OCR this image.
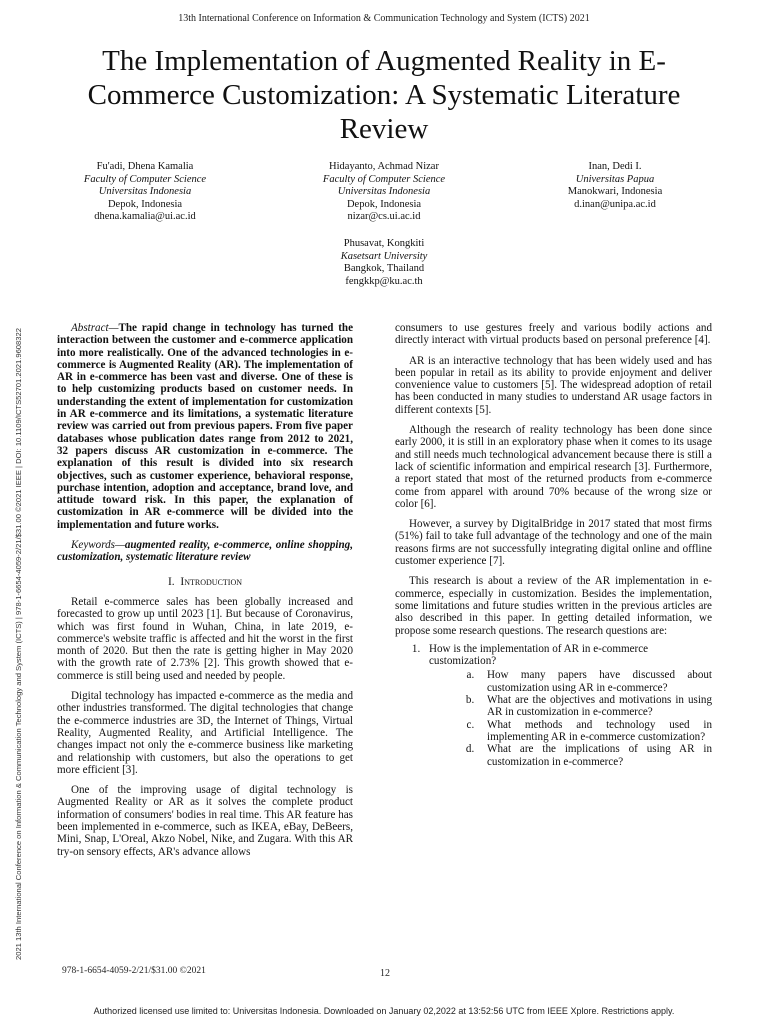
13th International Conference on Information & Communication Technology and System (ICTS) 2021
The Implementation of Augmented Reality in E-Commerce Customization: A Systematic Literature Review
2021 13th International Conference on Information & Communication Technology and System (ICTS) | 978-1-6654-4059-2/21/$31.00 ©2021 IEEE | DOI: 10.1109/ICTS52701.2021.9608322
Fu'adi, Dhena Kamalia
Faculty of Computer Science
Universitas Indonesia
Depok, Indonesia
dhena.kamalia@ui.ac.id
Hidayanto, Achmad Nizar
Faculty of Computer Science
Universitas Indonesia
Depok, Indonesia
nizar@cs.ui.ac.id
Inan, Dedi I.
Universitas Papua
Manokwari, Indonesia
d.inan@unipa.ac.id
Phusavat, Kongkiti
Kasetsart University
Bangkok, Thailand
fengkkp@ku.ac.th

Abstract—The rapid change in technology has turned the interaction between the customer and e-commerce application into more realistically. One of the advanced technologies in e-commerce is Augmented Reality (AR). The implementation of AR in e-commerce has been vast and diverse. One of these is to help customizing products based on customer needs. In understanding the extent of implementation for customization in AR e-commerce and its limitations, a systematic literature review was carried out from previous papers. From five paper databases whose publication dates range from 2012 to 2021, 32 papers discuss AR customization in e-commerce. The explanation of this result is divided into six research objectives, such as customer experience, behavioral response, purchase intention, adoption and acceptance, brand love, and attitude toward risk. In this paper, the explanation of customization in AR e-commerce will be divided into the implementation and future works.

Keywords—augmented reality, e-commerce, online shopping, customization, systematic literature review

I. Introduction

Retail e-commerce sales has been globally increased and forecasted to grow up until 2023 [1]. But because of Coronavirus, which was first found in Wuhan, China, in late 2019, e-commerce's website traffic is affected and hit the worst in the first month of 2020. But then the rate is getting higher in May 2020 with the growth rate of 2.73% [2]. This growth showed that e-commerce is still being used and needed by people.

Digital technology has impacted e-commerce as the media and other industries transformed. The digital technologies that change the e-commerce industries are 3D, the Internet of Things, Virtual Reality, Augmented Reality, and Artificial Intelligence. The changes impact not only the e-commerce business like marketing and relationship with customers, but also the operations to get more efficient [3].

One of the improving usage of digital technology is Augmented Reality or AR as it solves the complete product information of consumers' bodies in real time. This AR feature has been implemented in e-commerce, such as IKEA, eBay, DeBeers, Mini, Snap, L'Oreal, Akzo Nobel, Nike, and Zugara. With this AR try-on sensory effects, AR's advance allows

consumers to use gestures freely and various bodily actions and directly interact with virtual products based on personal preference [4].

AR is an interactive technology that has been widely used and has been popular in retail as its ability to provide enjoyment and deliver convenience value to customers [5]. The widespread adoption of retail has been conducted in many studies to understand AR usage factors in different contexts [5].

Although the research of reality technology has been done since early 2000, it is still in an exploratory phase when it comes to its usage and still needs much technological advancement because there is still a lack of scientific information and empirical research [3]. Furthermore, a report stated that most of the returned products from e-commerce come from apparel with around 70% because of the wrong size or color [6].

However, a survey by DigitalBridge in 2017 stated that most firms (51%) fail to take full advantage of the technology and one of the main reasons firms are not successfully integrating digital online and offline customer experience [7].

This research is about a review of the AR implementation in e-commerce, especially in customization. Besides the implementation, some limitations and future studies written in the previous articles are also described in this paper. In getting detailed information, we propose some research questions. The research questions are:

1. How is the implementation of AR in e-commerce customization?
a. How many papers have discussed about customization using AR in e-commerce?
b. What are the objectives and motivations in using AR in customization in e-commerce?
c. What methods and technology used in implementing AR in e-commerce customization?
d. What are the implications of using AR in customization in e-commerce?
978-1-6654-4059-2/21/$31.00 ©2021	12
Authorized licensed use limited to: Universitas Indonesia. Downloaded on January 02,2022 at 13:52:56 UTC from IEEE Xplore. Restrictions apply.
